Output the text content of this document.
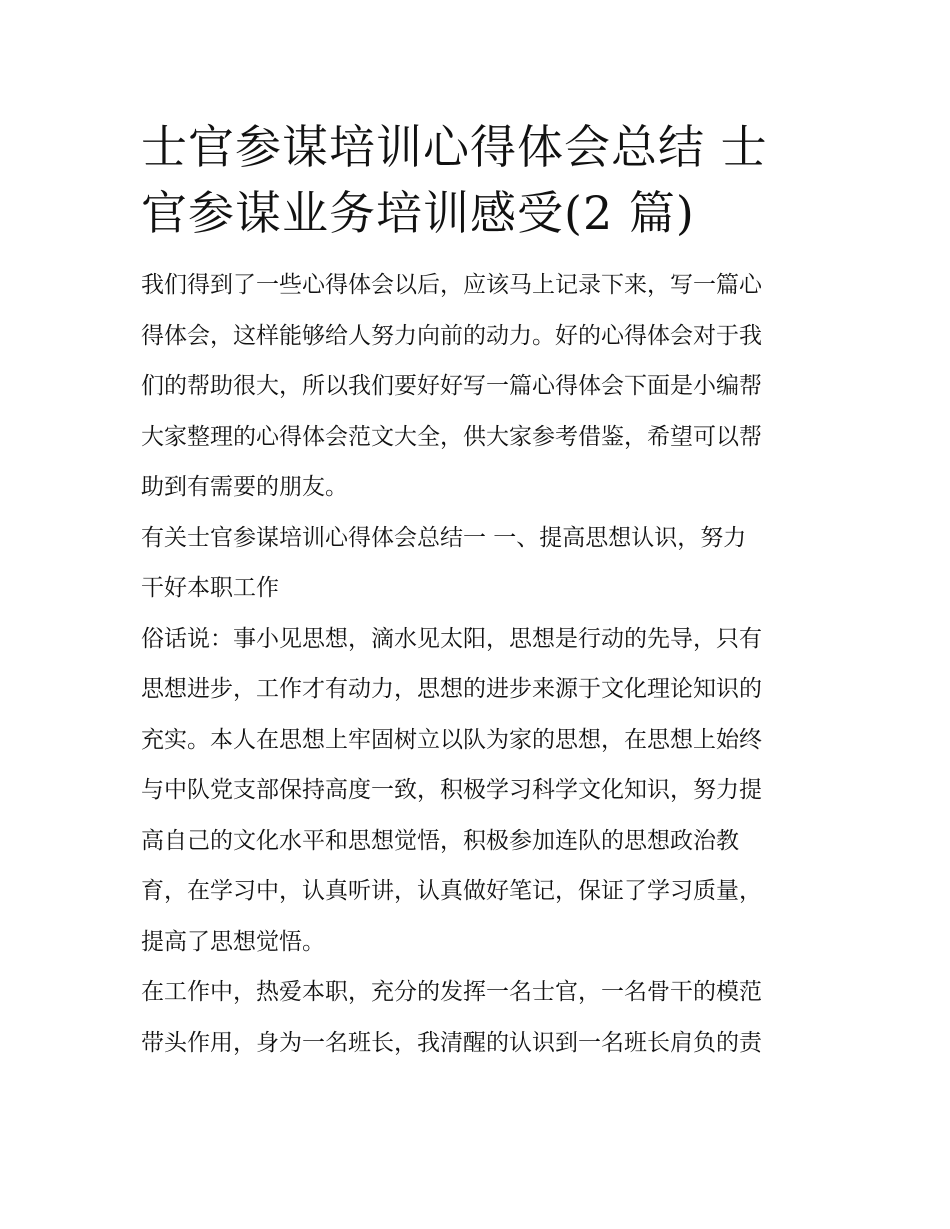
士官参谋培训心得体会总结 士
官参谋业务培训感受(2 篇)

我们得到了一些心得体会以后，应该马上记录下来，写一篇心
得体会，这样能够给人努力向前的动力。好的心得体会对于我
们的帮助很大，所以我们要好好写一篇心得体会下面是小编帮
大家整理的心得体会范文大全，供大家参考借鉴，希望可以帮
助到有需要的朋友。

有关士官参谋培训心得体会总结一 一、提高思想认识，努力
干好本职工作

俗话说：事小见思想，滴水见太阳，思想是行动的先导，只有
思想进步，工作才有动力，思想的进步来源于文化理论知识的
充实。本人在思想上牢固树立以队为家的思想，在思想上始终
与中队党支部保持高度一致，积极学习科学文化知识，努力提
高自己的文化水平和思想觉悟，积极参加连队的思想政治教
育，在学习中，认真听讲，认真做好笔记，保证了学习质量，
提高了思想觉悟。

在工作中，热爱本职，充分的发挥一名士官，一名骨干的模范
带头作用，身为一名班长，我清醒的认识到一名班长肩负的责
